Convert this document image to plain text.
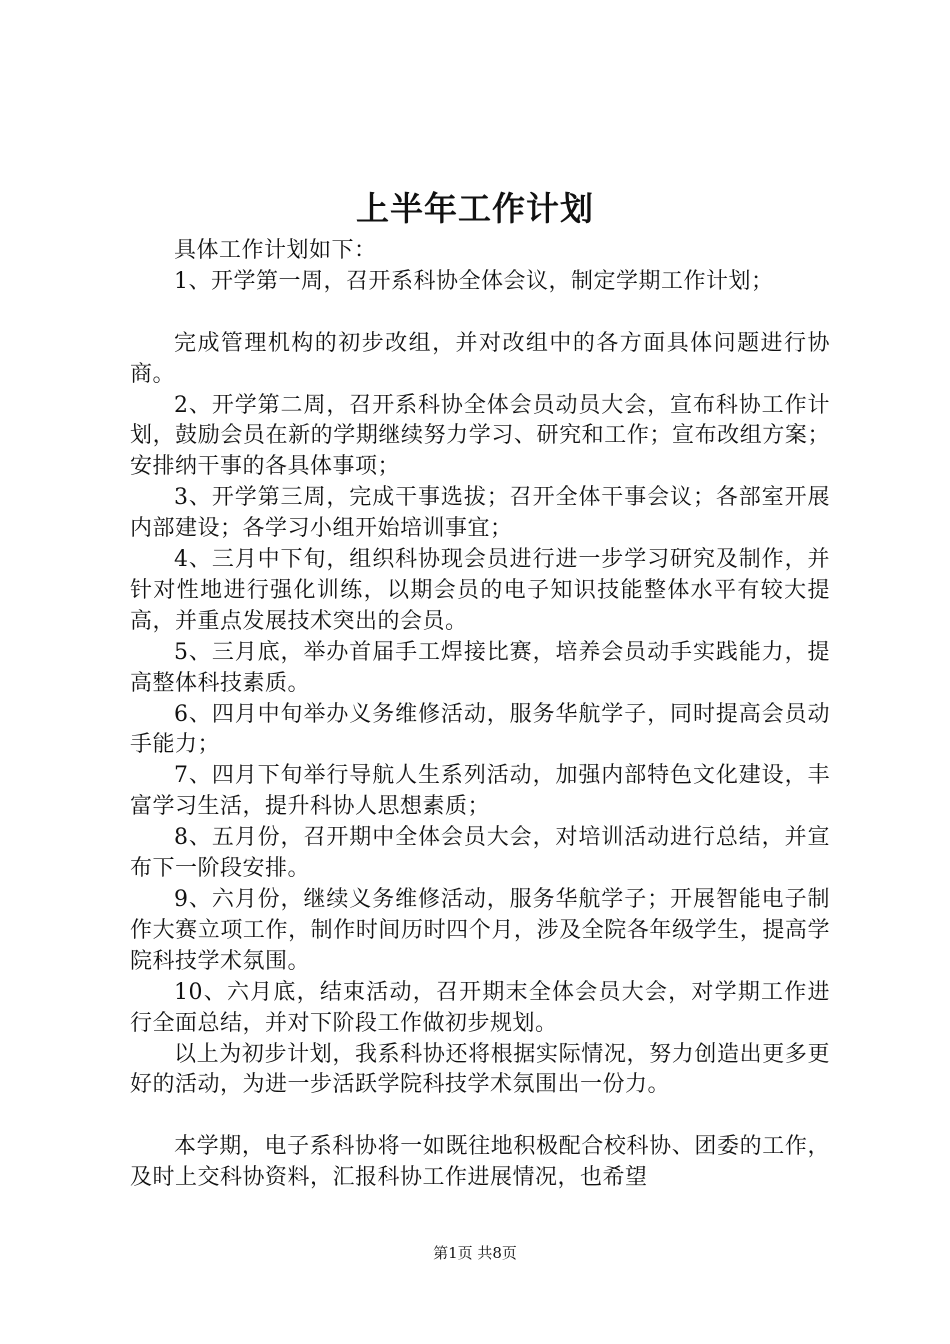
上半年工作计划

具体工作计划如下：

1、开学第一周，召开系科协全体会议，制定学期工作计划；

完成管理机构的初步改组，并对改组中的各方面具体问题进行协商。

2、开学第二周，召开系科协全体会员动员大会，宣布科协工作计划，鼓励会员在新的学期继续努力学习、研究和工作；宣布改组方案；安排纳干事的各具体事项；

3、开学第三周，完成干事选拔；召开全体干事会议；各部室开展内部建设；各学习小组开始培训事宜；

4、三月中下旬，组织科协现会员进行进一步学习研究及制作，并针对性地进行强化训练，以期会员的电子知识技能整体水平有较大提高，并重点发展技术突出的会员。

5、三月底，举办首届手工焊接比赛，培养会员动手实践能力，提高整体科技素质。

6、四月中旬举办义务维修活动，服务华航学子，同时提高会员动手能力；

7、四月下旬举行导航人生系列活动，加强内部特色文化建设，丰富学习生活，提升科协人思想素质；

8、五月份，召开期中全体会员大会，对培训活动进行总结，并宣布下一阶段安排。

9、六月份，继续义务维修活动，服务华航学子；开展智能电子制作大赛立项工作，制作时间历时四个月，涉及全院各年级学生，提高学院科技学术氛围。

10、六月底，结束活动，召开期末全体会员大会，对学期工作进行全面总结，并对下阶段工作做初步规划。

以上为初步计划，我系科协还将根据实际情况，努力创造出更多更好的活动，为进一步活跃学院科技学术氛围出一份力。

本学期，电子系科协将一如既往地积极配合校科协、团委的工作，及时上交科协资料，汇报科协工作进展情况，也希望

第1页 共8页
